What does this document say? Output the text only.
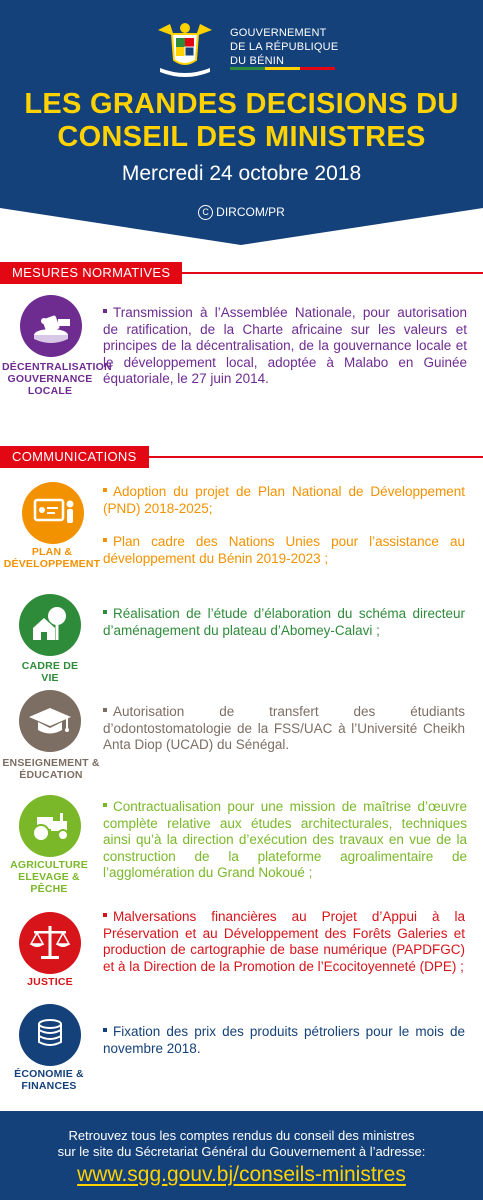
GOUVERNEMENT
DE LA RÉPUBLIQUE
DU BÉNIN
LES GRANDES DECISIONS DU
CONSEIL DES MINISTRES
Mercredi 24 octobre 2018
C DIRCOM/PR
MESURES NORMATIVES
DÉCENTRALISATION GOUVERNANCE LOCALE
Transmission à l’Assemblée Nationale, pour autorisation de ratification, de la Charte africaine sur les valeurs et principes de la décentralisation, de la gouvernance locale et le développement local, adoptée à Malabo en Guinée équatoriale, le 27 juin 2014.
COMMUNICATIONS
PLAN & DÉVELOPPEMENT
Adoption du projet de Plan National de Développement (PND) 2018-2025;
Plan cadre des Nations Unies pour l’assistance au développement du Bénin 2019-2023 ;
CADRE DE VIE
Réalisation de l’étude d’élaboration du schéma directeur d’aménagement du plateau d’Abomey-Calavi ;
ENSEIGNEMENT & ÉDUCATION
Autorisation de transfert des étudiants d’odontostomatologie de la FSS/UAC à l’Université Cheikh Anta Diop (UCAD) du Sénégal.
AGRICULTURE ELEVAGE & PÊCHE
Contractualisation pour une mission de maîtrise d’œuvre complète relative aux études architecturales, techniques ainsi qu’à la direction d’exécution des travaux en vue de la construction de la plateforme agroalimentaire de l’agglomération du Grand Nokoué ;
JUSTICE
Malversations financières au Projet d’Appui à la Préservation et au Développement des Forêts Galeries et production de cartographie de base numérique (PAPDFGC) et à la Direction de la Promotion de l’Ecocitoyenneté (DPE) ;
ÉCONOMIE & FINANCES
Fixation des prix des produits pétroliers pour le mois de novembre 2018.
Retrouvez tous les comptes rendus du conseil des ministres
sur le site du Sécretariat Général du Gouvernement à l’adresse:
www.sgg.gouv.bj/conseils-ministres
